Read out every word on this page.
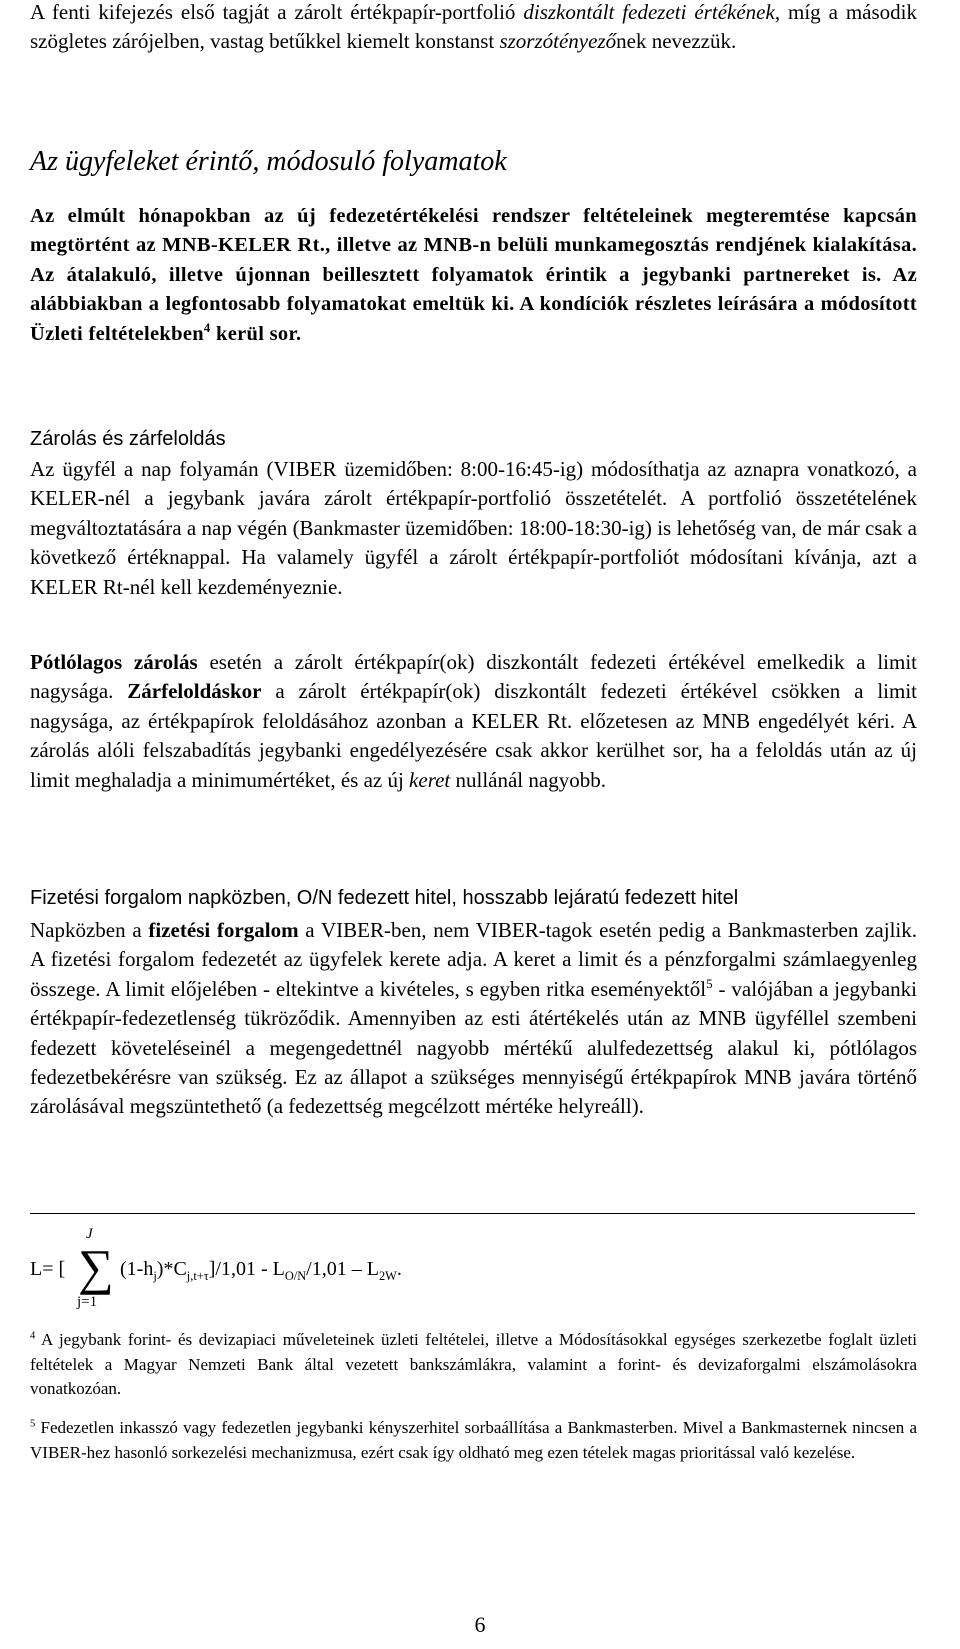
A fenti kifejezés első tagját a zárolt értékpapír-portfolió diszkontált fedezeti értékének, míg a második szögletes zárójelben, vastag betűkkel kiemelt konstanst szorzótényezőnek nevezzük.

Az ügyfeleket érintő, módosuló folyamatok

Az elmúlt hónapokban az új fedezetértékelési rendszer feltételeinek megteremtése kapcsán megtörtént az MNB-KELER Rt., illetve az MNB-n belüli munkamegosztás rendjének kialakítása. Az átalakuló, illetve újonnan beillesztett folyamatok érintik a jegybanki partnereket is. Az alábbiakban a legfontosabb folyamatokat emeltük ki. A kondíciók részletes leírására a módosított Üzleti feltételekben$^4$ kerül sor.

Zárolás és zárfeloldás

Az ügyfél a nap folyamán (VIBER üzemidőben: 8:00-16:45-ig) módosíthatja az aznapra vonatkozó, a KELER-nél a jegybank javára zárolt értékpapír-portfolió összetételét. A portfolió összetételének megváltoztatására a nap végén (Bankmaster üzemidőben: 18:00-18:30-ig) is lehetőség van, de már csak a következő értéknappal. Ha valamely ügyfél a zárolt értékpapír-portfoliót módosítani kívánja, azt a KELER Rt-nél kell kezdeményeznie.

Pótlólagos zárolás esetén a zárolt értékpapír(ok) diszkontált fedezeti értékével emelkedik a limit nagysága. Zárfeloldáskor a zárolt értékpapír(ok) diszkontált fedezeti értékével csökken a limit nagysága, az értékpapírok feloldásához azonban a KELER Rt. előzetesen az MNB engedélyét kéri. A zárolás alóli felszabadítás jegybanki engedélyezésére csak akkor kerülhet sor, ha a feloldás után az új limit meghaladja a minimumértéket, és az új keret nullánál nagyobb.

Fizetési forgalom napközben, O/N fedezett hitel, hosszabb lejáratú fedezett hitel

Napközben a fizetési forgalom a VIBER-ben, nem VIBER-tagok esetén pedig a Bankmasterben zajlik. A fizetési forgalom fedezetét az ügyfelek kerete adja. A keret a limit és a pénzforgalmi számlaegyenleg összege. A limit előjelében - eltekintve a kivételes, s egyben ritka eseményektől$^5$ - valójában a jegybanki értékpapír-fedezetlenség tükröződik. Amennyiben az esti átértékelés után az MNB ügyféllel szembeni fedezett követeléseinél a megengedettnél nagyobb mértékű alulfedezettség alakul ki, pótlólagos fedezetbekérésre van szükség. Ez az állapot a szükséges mennyiségű értékpapírok MNB javára történő zárolásával megszüntethető (a fedezettség megcélzott mértéke helyreáll).

L= [
J
∑
j=1
$(1-h_j)*C_{j,t+\tau}]/1,01 - L_{O/N}/1,01 - L_{2W}$.

$^4$ A jegybank forint- és devizapiaci műveleteinek üzleti feltételei, illetve a Módosításokkal egységes szerkezetbe foglalt üzleti feltételek a Magyar Nemzeti Bank által vezetett bankszámlákra, valamint a forint- és devizaforgalmi elszámolásokra vonatkozóan.

$^5$ Fedezetlen inkasszó vagy fedezetlen jegybanki kényszerhitel sorbaállítása a Bankmasterben. Mivel a Bankmasternek nincsen a VIBER-hez hasonló sorkezelési mechanizmusa, ezért csak így oldható meg ezen tételek magas prioritással való kezelése.

6
